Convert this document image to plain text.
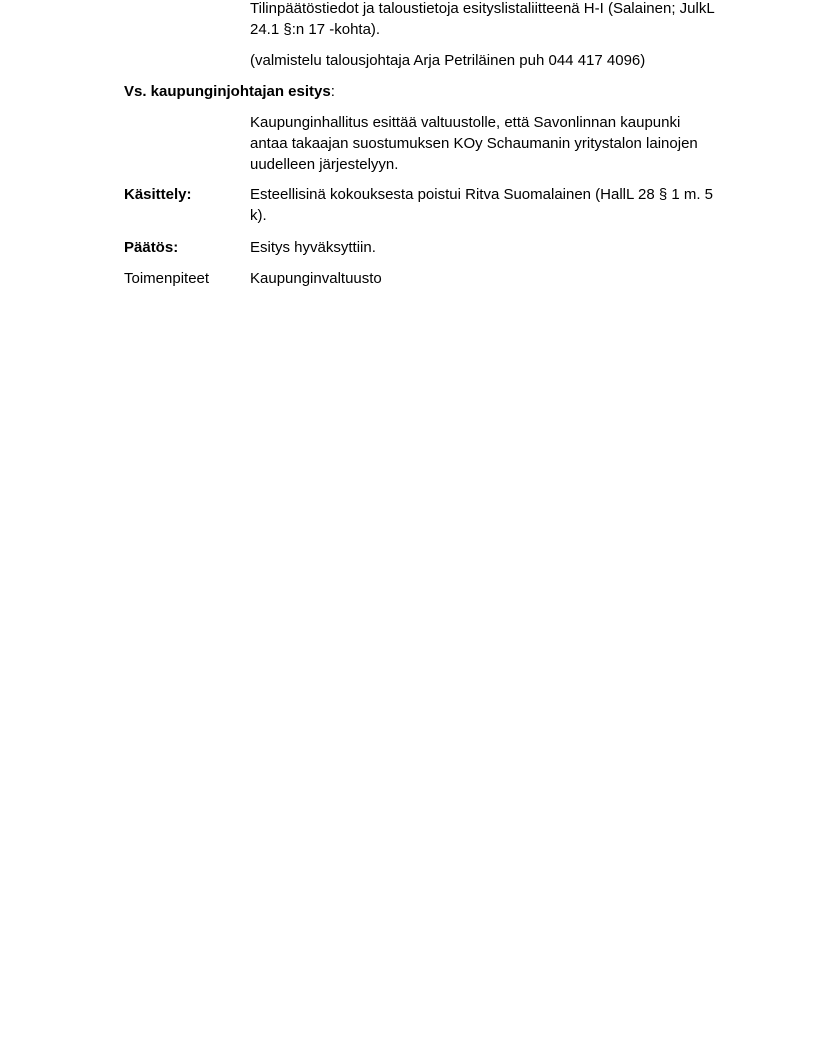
Tilinpäätöstiedot ja taloustietoja esityslistaliitteenä H-I (Salainen; JulkL 24.1 §:n 17 -kohta).

(valmistelu talousjohtaja Arja Petriläinen puh 044 417 4096)

Vs. kaupunginjohtajan esitys:

Kaupunginhallitus esittää valtuustolle, että Savonlinnan kaupunki antaa takaajan suostumuksen KOy Schaumanin yritystalon lainojen uudelleen järjestelyyn.

Käsittely:	Esteellisinä kokouksesta poistui Ritva Suomalainen (HallL 28 § 1 m. 5 k).

Päätös:	Esitys hyväksyttiin.

Toimenpiteet	Kaupunginvaltuusto
